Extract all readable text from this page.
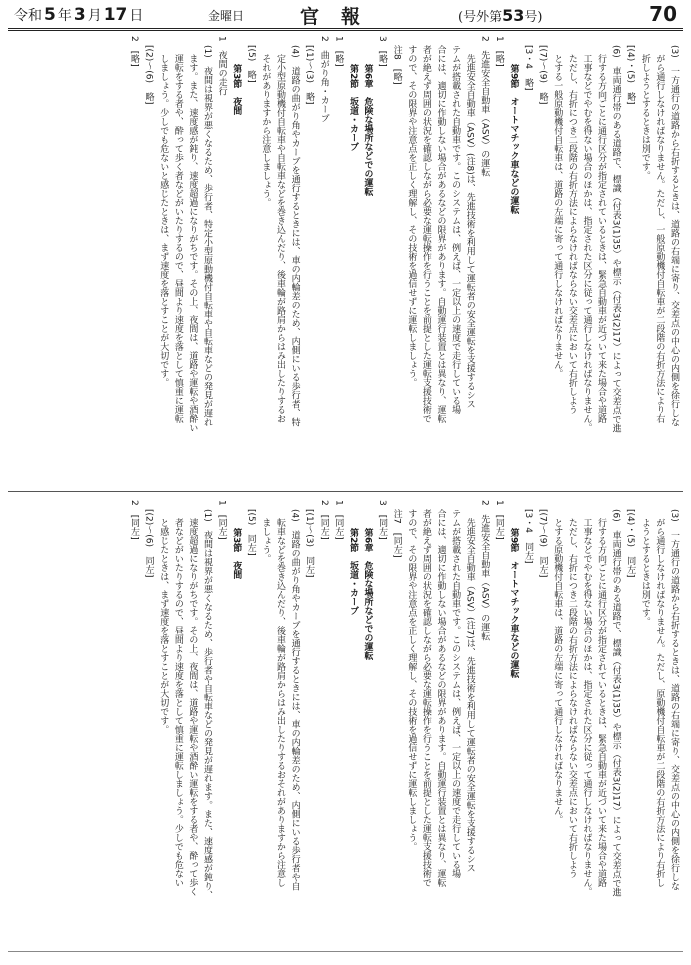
令和 5 年 3 月 17 日	金曜日	官報	(号外第53号)	70
(3)　一方通行の道路から右折するときは、道路の右端に寄り、交差点の中心の内側を徐行しな
がら通行しなければなりません。ただし、一般原動機付自転車が二段階の右折方法により右
折しようとするときは別です。
[(4)・(5)　略]
(6)　車両通行帯のある道路で、標識（付表3(1)35）や標示（付表3(2)17）によって交差点で進
行する方向ごとに通行区分が指定されているときは、緊急自動車が近づいて来た場合や道路
工事などでやむを得ない場合のほかは、指定された区分に従って通行しなければなりません。
ただし、右折につき二段階の右折方法によらなければならない交差点において右折しよう
とする一般原動機付自転車は、道路の左端に寄って通行しなければなりません。
[(7)～(9)　略]
[3・4　略]
第9節　オートマチック車などの運転
1　[略]
2　先進安全自動車（ASV）の運転
先進安全自動車（ASV）(注8)は、先進技術を利用して運転者の安全運転を支援するシス
テムが搭載された自動車です。このシステムは、例えば、一定以上の速度で走行している場
合には、適切に作動しない場合があるなどの限界があります。自動運行装置とは異なり、運転
者が絶えず周囲の状況を確認しながら必要な運転操作を行うことを前提とした運転支援技術で
すので、その限界や注意点を正しく理解し、その技術を過信せずに運転しましょう。
注8　[略]
3　[略]
第6章　危険な場所などでの運転
第2節　坂道・カーブ
1　[略]
2　曲がり角・カーブ
[(1)～(3)　略]
(4)　道路の曲がり角やカーブを通行するときには、車の内輪差のため、内側にいる歩行者、特
定小型原動機付自転車や自転車などを巻き込んだり、後車輪が路肩からはみ出したりするお
それがありますから注意しましょう。
[(5)　略]
第3節　夜間
1　夜間の走行
(1)　夜間は視界が悪くなるため、歩行者、特定小型原動機付自転車や自転車などの発見が遅れ
ます。また、速度感が鈍り、速度超過になりがちです。その上、夜間は、道路や運転や酒酔い
運転をする者や、酔って歩く者などがいたりするので、昼間より速度を落として慎重に運転
しましょう。少しでも危ないと感じたときは、まず速度を落とすことが大切です。
[(2)～(6)　略]
2　[略]
(3)　一方通行の道路から右折するときは、道路の右端に寄り、交差点の中心の内側を徐行しな
がら通行しなければなりません。ただし、原動機付自転車が二段階の右折方法により右折し
ようとするときは別です。
[(4)・(5)　同左]
(6)　車両通行帯のある道路で、標識（付表3(1)35）や標示（付表3(2)17）によって交差点で進
行する方向ごとに通行区分が指定されているときは、緊急自動車が近づいて来た場合や道路
工事などでやむを得ない場合のほかは、指定された区分に従って通行しなければなりません。
ただし、右折につき二段階の右折方法によらなければならない交差点において右折しよう
とする原動機付自転車は、道路の左端に寄って通行しなければなりません。
[(7)～(9)　同左]
[3・4　同左]
第9節　オートマチック車などの運転
1　[同左]
2　先進安全自動車（ASV）の運転
先進安全自動車（ASV）(注7)は、先進技術を利用して運転者の安全運転を支援するシス
テムが搭載された自動車です。このシステムは、例えば、一定以上の速度で走行している場
合には、適切に作動しない場合があるなどの限界があります。自動運行装置とは異なり、運転
者が絶えず周囲の状況を確認しながら必要な運転操作を行うことを前提とした運転支援技術で
すので、その限界や注意点を正しく理解し、その技術を過信せずに運転しましょう。
注7　[同左]
3　[同左]
第6章　危険な場所などでの運転
第2節　坂道・カーブ
1　[同左]
2　[同左]
[(1)～(3)　同左]
(4)　道路の曲がり角やカーブを通行するときには、車の内輪差のため、内側にいる歩行者や自
転車などを巻き込んだり、後車輪が路肩からはみ出したりするおそれがありますから注意し
ましょう。
[(5)　同左]
第3節　夜間
1　[同左]
(1)　夜間は視界が悪くなるため、歩行者や自転車などの発見が遅れます。また、速度感が鈍り、
速度超過になりがちです。その上、夜間は、道路や運転や酒酔い運転をする者や、酔って歩く
者などがいたりするので、昼間より速度を落として慎重に運転しましょう。少しでも危ない
と感じたときは、まず速度を落とすことが大切です。
[(2)～(6)　同左]
2　[同左]
